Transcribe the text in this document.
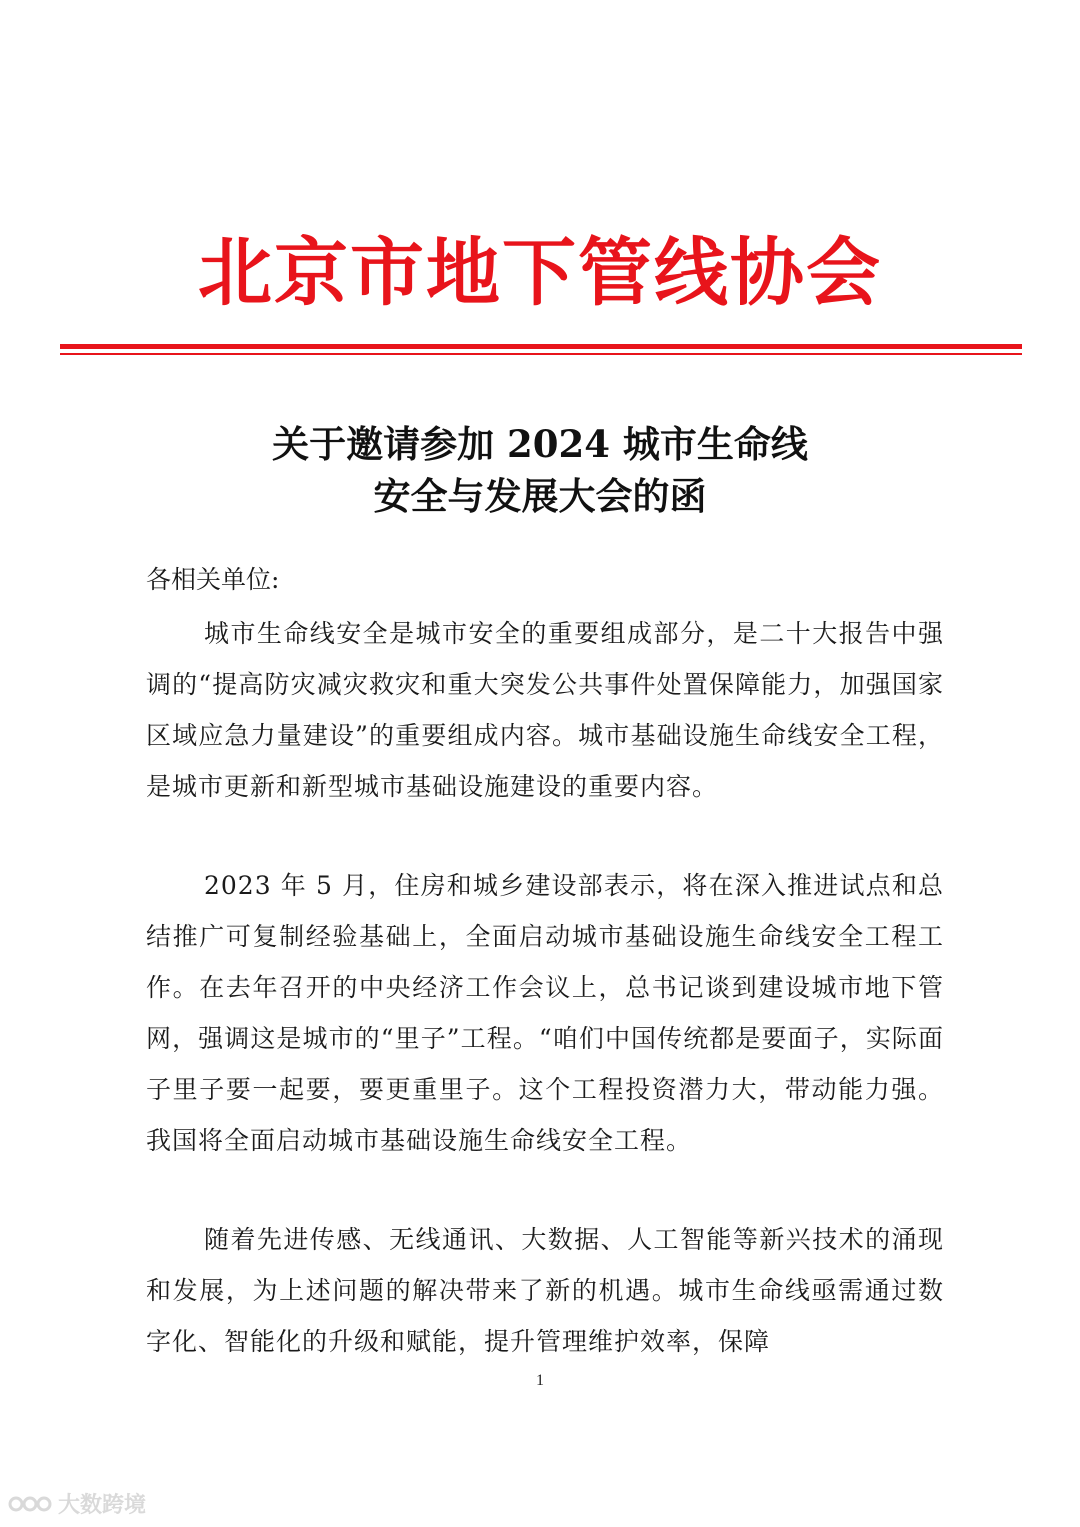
北京市地下管线协会
关于邀请参加 2024 城市生命线
安全与发展大会的函
各相关单位:

城市生命线安全是城市安全的重要组成部分，是二十大报告中强调的“提高防灾减灾救灾和重大突发公共事件处置保障能力，加强国家区域应急力量建设”的重要组成内容。城市基础设施生命线安全工程，是城市更新和新型城市基础设施建设的重要内容。

2023 年 5 月，住房和城乡建设部表示，将在深入推进试点和总结推广可复制经验基础上，全面启动城市基础设施生命线安全工程工作。在去年召开的中央经济工作会议上，总书记谈到建设城市地下管网，强调这是城市的“里子”工程。“咱们中国传统都是要面子，实际面子里子要一起要，要更重里子。这个工程投资潜力大，带动能力强。我国将全面启动城市基础设施生命线安全工程。

随着先进传感、无线通讯、大数据、人工智能等新兴技术的涌现和发展，为上述问题的解决带来了新的机遇。城市生命线亟需通过数字化、智能化的升级和赋能，提升管理维护效率，保障

1
大数跨境
